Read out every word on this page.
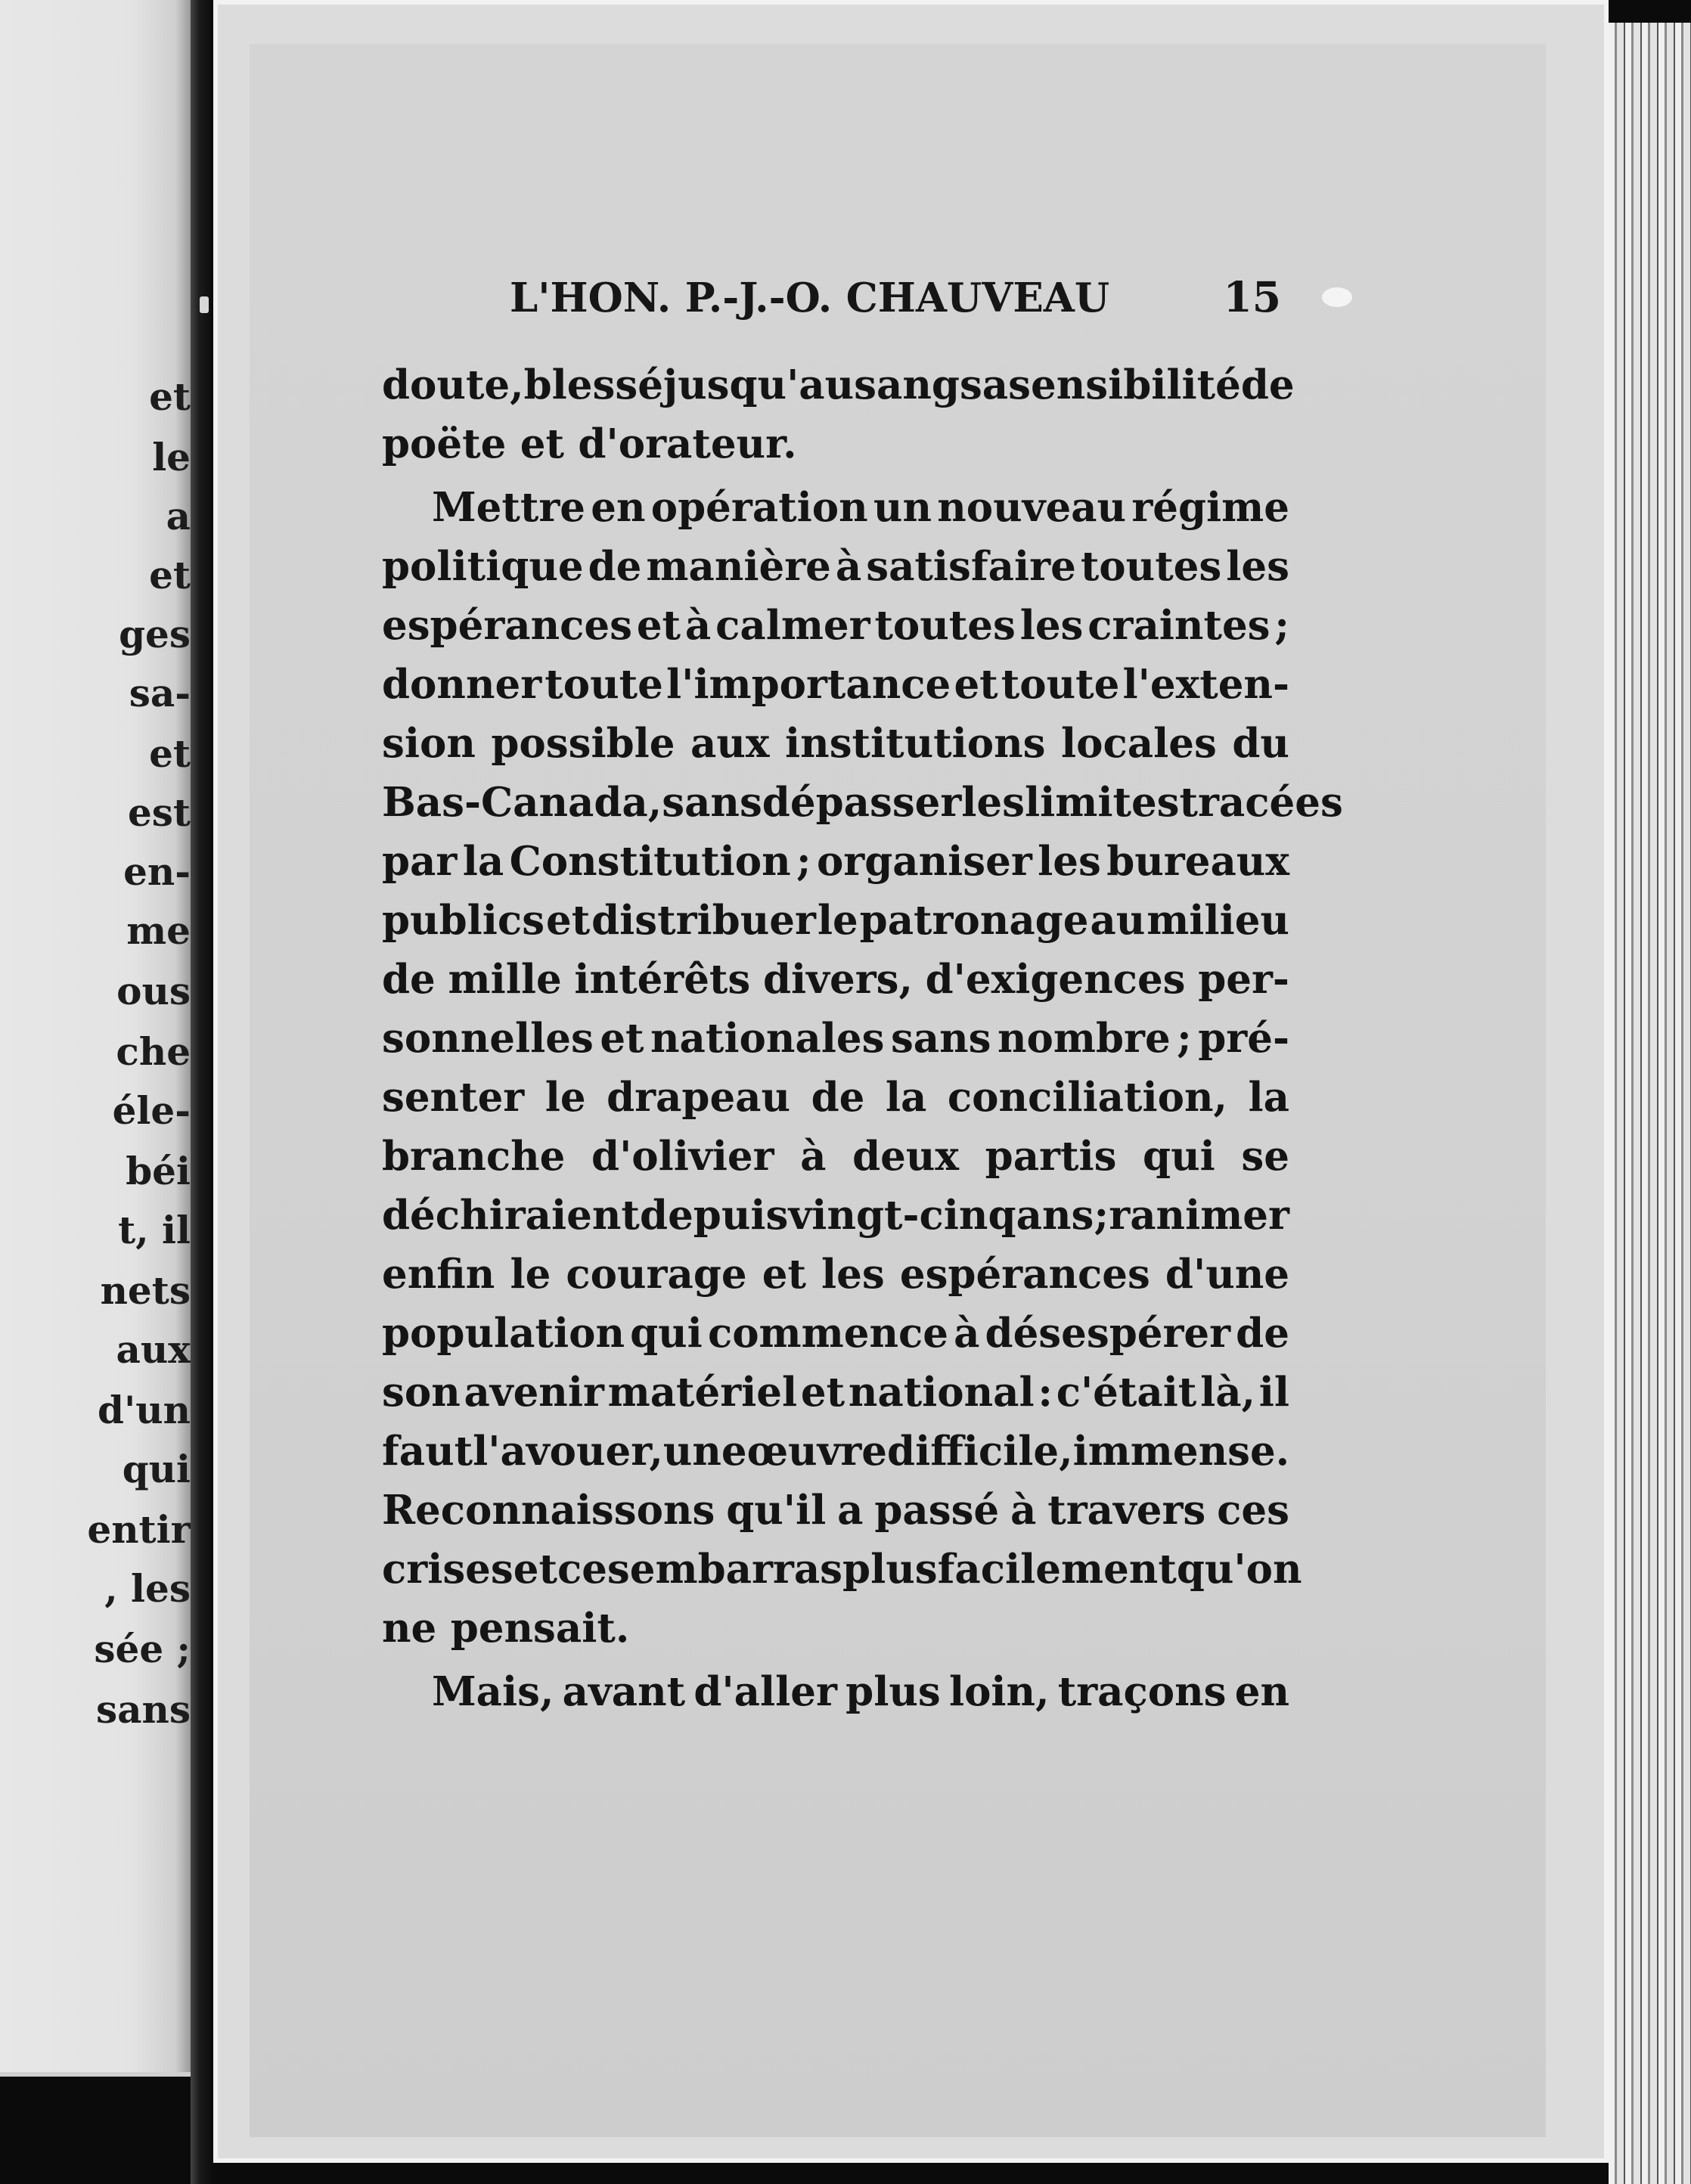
et
le
a
et
ges
sa-
et
est
en-
me
ous
che
éle-
béi
t, il
nets
aux
d'un
qui
entir
, les
sée ;
sans
L'HON. P.-J.-O. CHAUVEAU	15
doute, blessé jusqu'au sang sa sensibilité de
poëte et d'orateur.
Mettre en opération un nouveau régime
politique de manière à satisfaire toutes les
espérances et à calmer toutes les craintes ;
donner toute l'importance et toute l'exten-
sion possible aux institutions locales du
Bas-Canada, sans dépasser les limites tracées
par la Constitution ; organiser les bureaux
publics et distribuer le patronage au milieu
de mille intérêts divers, d'exigences per-
sonnelles et nationales sans nombre ; pré-
senter le drapeau de la conciliation, la
branche d'olivier à deux partis qui se
déchiraient depuis vingt-cinq ans ; ranimer
enfin le courage et les espérances d'une
population qui commence à désespérer de
son avenir matériel et national : c'était là, il
faut l'avouer, une œuvre difficile, immense.
Reconnaissons qu'il a passé à travers ces
crises et ces embarras plus facilement qu'on
ne pensait.
Mais, avant d'aller plus loin, traçons en
